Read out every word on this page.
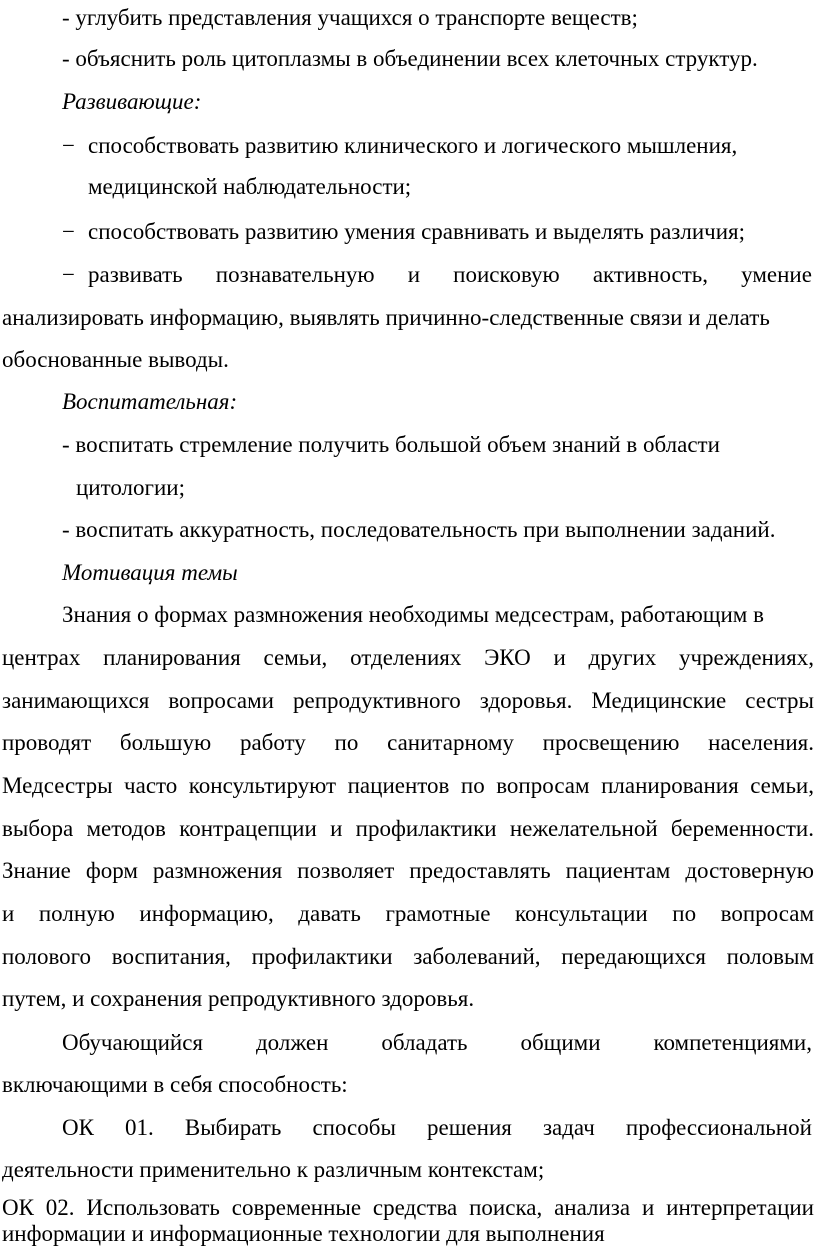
- углубить представления учащихся о транспорте веществ;
- объяснить роль цитоплазмы в объединении всех клеточных структур.
Развивающие:
− способствовать развитию клинического и логического мышления,
медицинской наблюдательности;
− способствовать развитию умения сравнивать и выделять различия;
− развивать познавательную и поисковую активность, умение
анализировать информацию, выявлять причинно-следственные связи и делать
обоснованные выводы.
Воспитательная:
- воспитать стремление получить большой объем знаний в области
цитологии;
- воспитать аккуратность, последовательность при выполнении заданий.
Мотивация темы
Знания о формах размножения необходимы медсестрам, работающим в
центрах планирования семьи, отделениях ЭКО и других учреждениях,
занимающихся вопросами репродуктивного здоровья. Медицинские сестры
проводят большую работу по санитарному просвещению населения.
Медсестры часто консультируют пациентов по вопросам планирования семьи,
выбора методов контрацепции и профилактики нежелательной беременности.
Знание форм размножения позволяет предоставлять пациентам достоверную
и полную информацию, давать грамотные консультации по вопросам
полового воспитания, профилактики заболеваний, передающихся половым
путем, и сохранения репродуктивного здоровья.
Обучающийся должен обладать общими компетенциями,
включающими в себя способность:
ОК 01. Выбирать способы решения задач профессиональной
деятельности применительно к различным контекстам;
ОК 02. Использовать современные средства поиска, анализа и интерпретации
информации и информационные технологии для выполнения
